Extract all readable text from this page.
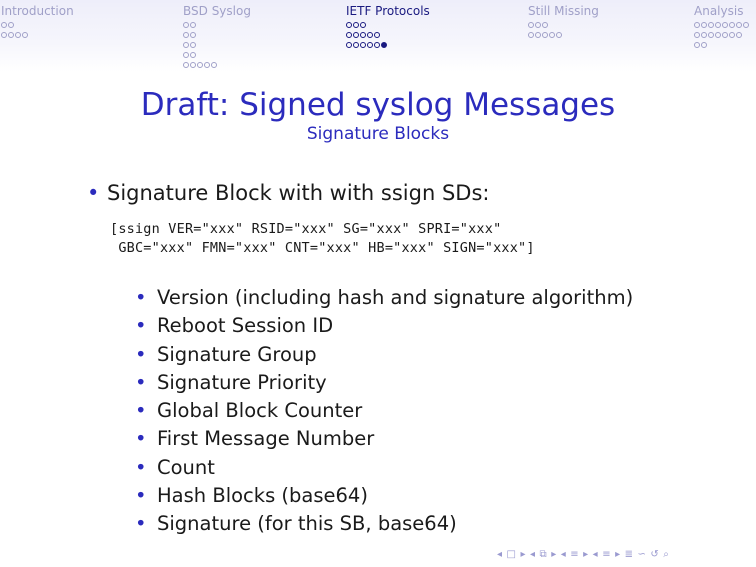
Introduction	BSD Syslog	IETF Protocols	Still Missing	Analysis
Draft: Signed syslog Messages
Signature Blocks
• Signature Block with with ssign SDs:
[ssign VER="xxx" RSID="xxx" SG="xxx" SPRI="xxx"
GBC="xxx" FMN="xxx" CNT="xxx" HB="xxx" SIGN="xxx"]
• Version (including hash and signature algorithm)
• Reboot Session ID
• Signature Group
• Signature Priority
• Global Block Counter
• First Message Number
• Count
• Hash Blocks (base64)
• Signature (for this SB, base64)
◂ □ ▸ ◂ ⧉ ▸ ◂ ≡ ▸ ◂ ≡ ▸ ≣ ∽ ↺ ⌕
